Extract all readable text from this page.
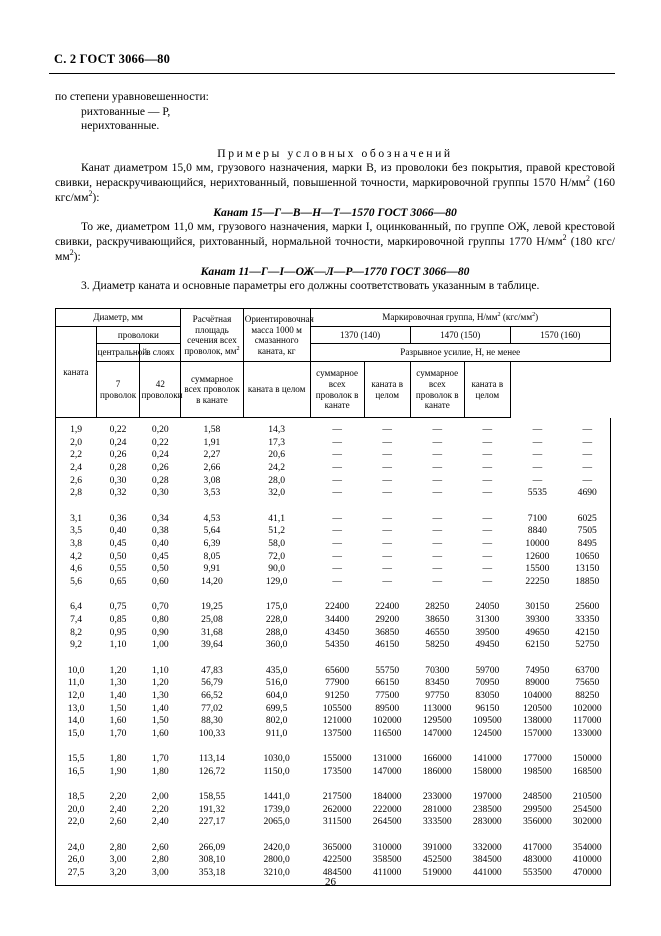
С. 2 ГОСТ 3066—80

по степени уравновешенности:

рихтованные — Р,

нерихтованные.

Примеры условных обозначений

Канат диаметром 15,0 мм, грузового назначения, марки В, из проволоки без покрытия, правой крестовой свивки, нераскручивающийся, нерихтованный, повышенной точности, маркировочной группы 1570 $Н/мм^2$ (160 кгс/$мм^2$):

Канат 15—Г—В—Н—Т—1570 ГОСТ 3066—80

То же, диаметром 11,0 мм, грузового назначения, марки I, оцинкованный, по группе ОЖ, левой крестовой свивки, раскручивающийся, рихтованный, нормальной точности, маркировочной группы 1770 $Н/мм^2$ (180 кгс/$мм^2$):

Канат 11—Г—I—ОЖ—Л—Р—1770 ГОСТ 3066—80

3. Диаметр каната и основные параметры его должны соответствовать указанным в таблице.

Диаметр, мм			Расчётная площадь сечения всех проволок, $мм^2$	Ориентировочная масса 1000 м смазанного каната, кг	Маркировочная группа, $Н/мм^2$ $(кгс/мм^2)$					
каната	проволоки				1370 (140)		1470 (150)		1570 (160)	
	центральной	в слоях			Разрывное усилие, Н, не менее					
	7 проволок	42 проволоки	суммарное всех проволок в канате	каната в целом	суммарное всех проволок в канате	каната в целом	суммарное всех проволок в канате	каната в целом		
1,9	0,22	0,20	1,58	14,3	—	—	—	—	—	—
2,0	0,24	0,22	1,91	17,3	—	—	—	—	—	—
2,2	0,26	0,24	2,27	20,6	—	—	—	—	—	—
2,4	0,28	0,26	2,66	24,2	—	—	—	—	—	—
2,6	0,30	0,28	3,08	28,0	—	—	—	—	—	—
2,8	0,32	0,30	3,53	32,0	—	—	—	—	5535	4690

3,1	0,36	0,34	4,53	41,1	—	—	—	—	7100	6025
3,5	0,40	0,38	5,64	51,2	—	—	—	—	8840	7505
3,8	0,45	0,40	6,39	58,0	—	—	—	—	10000	8495
4,2	0,50	0,45	8,05	72,0	—	—	—	—	12600	10650
4,6	0,55	0,50	9,91	90,0	—	—	—	—	15500	13150
5,6	0,65	0,60	14,20	129,0	—	—	—	—	22250	18850

6,4	0,75	0,70	19,25	175,0	22400	22400	28250	24050	30150	25600
7,4	0,85	0,80	25,08	228,0	34400	29200	38650	31300	39300	33350
8,2	0,95	0,90	31,68	288,0	43450	36850	46550	39500	49650	42150
9,2	1,10	1,00	39,64	360,0	54350	46150	58250	49450	62150	52750

10,0	1,20	1,10	47,83	435,0	65600	55750	70300	59700	74950	63700
11,0	1,30	1,20	56,79	516,0	77900	66150	83450	70950	89000	75650
12,0	1,40	1,30	66,52	604,0	91250	77500	97750	83050	104000	88250
13,0	1,50	1,40	77,02	699,5	105500	89500	113000	96150	120500	102000
14,0	1,60	1,50	88,30	802,0	121000	102000	129500	109500	138000	117000
15,0	1,70	1,60	100,33	911,0	137500	116500	147000	124500	157000	133000

15,5	1,80	1,70	113,14	1030,0	155000	131000	166000	141000	177000	150000
16,5	1,90	1,80	126,72	1150,0	173500	147000	186000	158000	198500	168500

18,5	2,20	2,00	158,55	1441,0	217500	184000	233000	197000	248500	210500
20,0	2,40	2,20	191,32	1739,0	262000	222000	281000	238500	299500	254500
22,0	2,60	2,40	227,17	2065,0	311500	264500	333500	283000	356000	302000

24,0	2,80	2,60	266,09	2420,0	365000	310000	391000	332000	417000	354000
26,0	3,00	2,80	308,10	2800,0	422500	358500	452500	384500	483000	410000
27,5	3,20	3,00	353,18	3210,0	484500	411000	519000	441000	553500	470000
26
